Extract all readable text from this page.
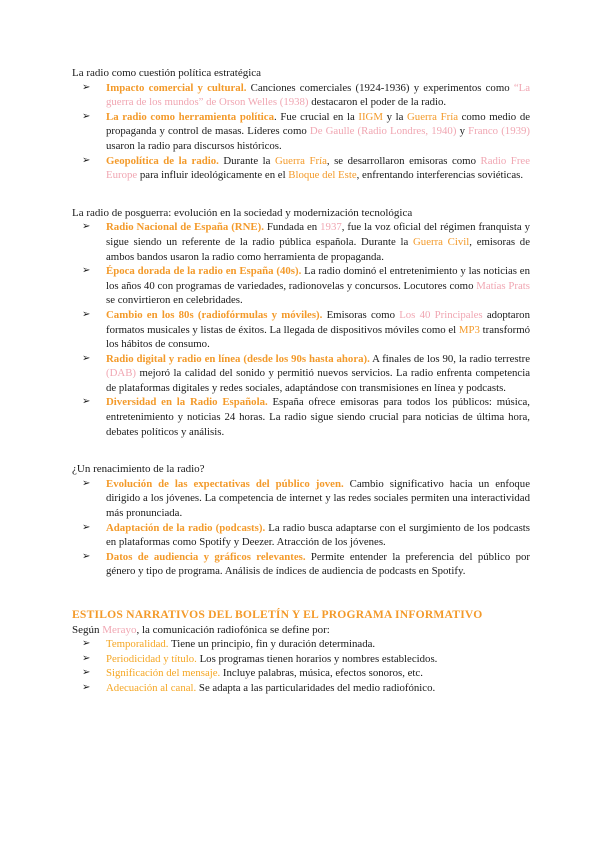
La radio como cuestión política estratégica

➢ Impacto comercial y cultural. Canciones comerciales (1924-1936) y experimentos como “La guerra de los mundos” de Orson Welles (1938) destacaron el poder de la radio.
➢ La radio como herramienta política. Fue crucial en la IIGM y la Guerra Fría como medio de propaganda y control de masas. Líderes como De Gaulle (Radio Londres, 1940) y Franco (1939) usaron la radio para discursos históricos.
➢ Geopolítica de la radio. Durante la Guerra Fría, se desarrollaron emisoras como Radio Free Europe para influir ideológicamente en el Bloque del Este, enfrentando interferencias soviéticas.

La radio de posguerra: evolución en la sociedad y modernización tecnológica

➢ Radio Nacional de España (RNE). Fundada en 1937, fue la voz oficial del régimen franquista y sigue siendo un referente de la radio pública española. Durante la Guerra Civil, emisoras de ambos bandos usaron la radio como herramienta de propaganda.
➢ Época dorada de la radio en España (40s). La radio dominó el entretenimiento y las noticias en los años 40 con programas de variedades, radionovelas y concursos. Locutores como Matías Prats se convirtieron en celebridades.
➢ Cambio en los 80s (radiofórmulas y móviles). Emisoras como Los 40 Principales adoptaron formatos musicales y listas de éxitos. La llegada de dispositivos móviles como el MP3 transformó los hábitos de consumo.
➢ Radio digital y radio en línea (desde los 90s hasta ahora). A finales de los 90, la radio terrestre (DAB) mejoró la calidad del sonido y permitió nuevos servicios. La radio enfrenta competencia de plataformas digitales y redes sociales, adaptándose con transmisiones en línea y podcasts.
➢ Diversidad en la Radio Española. España ofrece emisoras para todos los públicos: música, entretenimiento y noticias 24 horas. La radio sigue siendo crucial para noticias de última hora, debates políticos y análisis.

¿Un renacimiento de la radio?

➢ Evolución de las expectativas del público joven. Cambio significativo hacia un enfoque dirigido a los jóvenes. La competencia de internet y las redes sociales permiten una interactividad más pronunciada.
➢ Adaptación de la radio (podcasts). La radio busca adaptarse con el surgimiento de los podcasts en plataformas como Spotify y Deezer. Atracción de los jóvenes.
➢ Datos de audiencia y gráficos relevantes. Permite entender la preferencia del público por género y tipo de programa. Análisis de índices de audiencia de podcasts en Spotify.

ESTILOS NARRATIVOS DEL BOLETÍN Y EL PROGRAMA INFORMATIVO

Según Merayo, la comunicación radiofónica se define por:

➢ Temporalidad. Tiene un principio, fin y duración determinada.
➢ Periodicidad y título. Los programas tienen horarios y nombres establecidos.
➢ Significación del mensaje. Incluye palabras, música, efectos sonoros, etc.
➢ Adecuación al canal. Se adapta a las particularidades del medio radiofónico.
